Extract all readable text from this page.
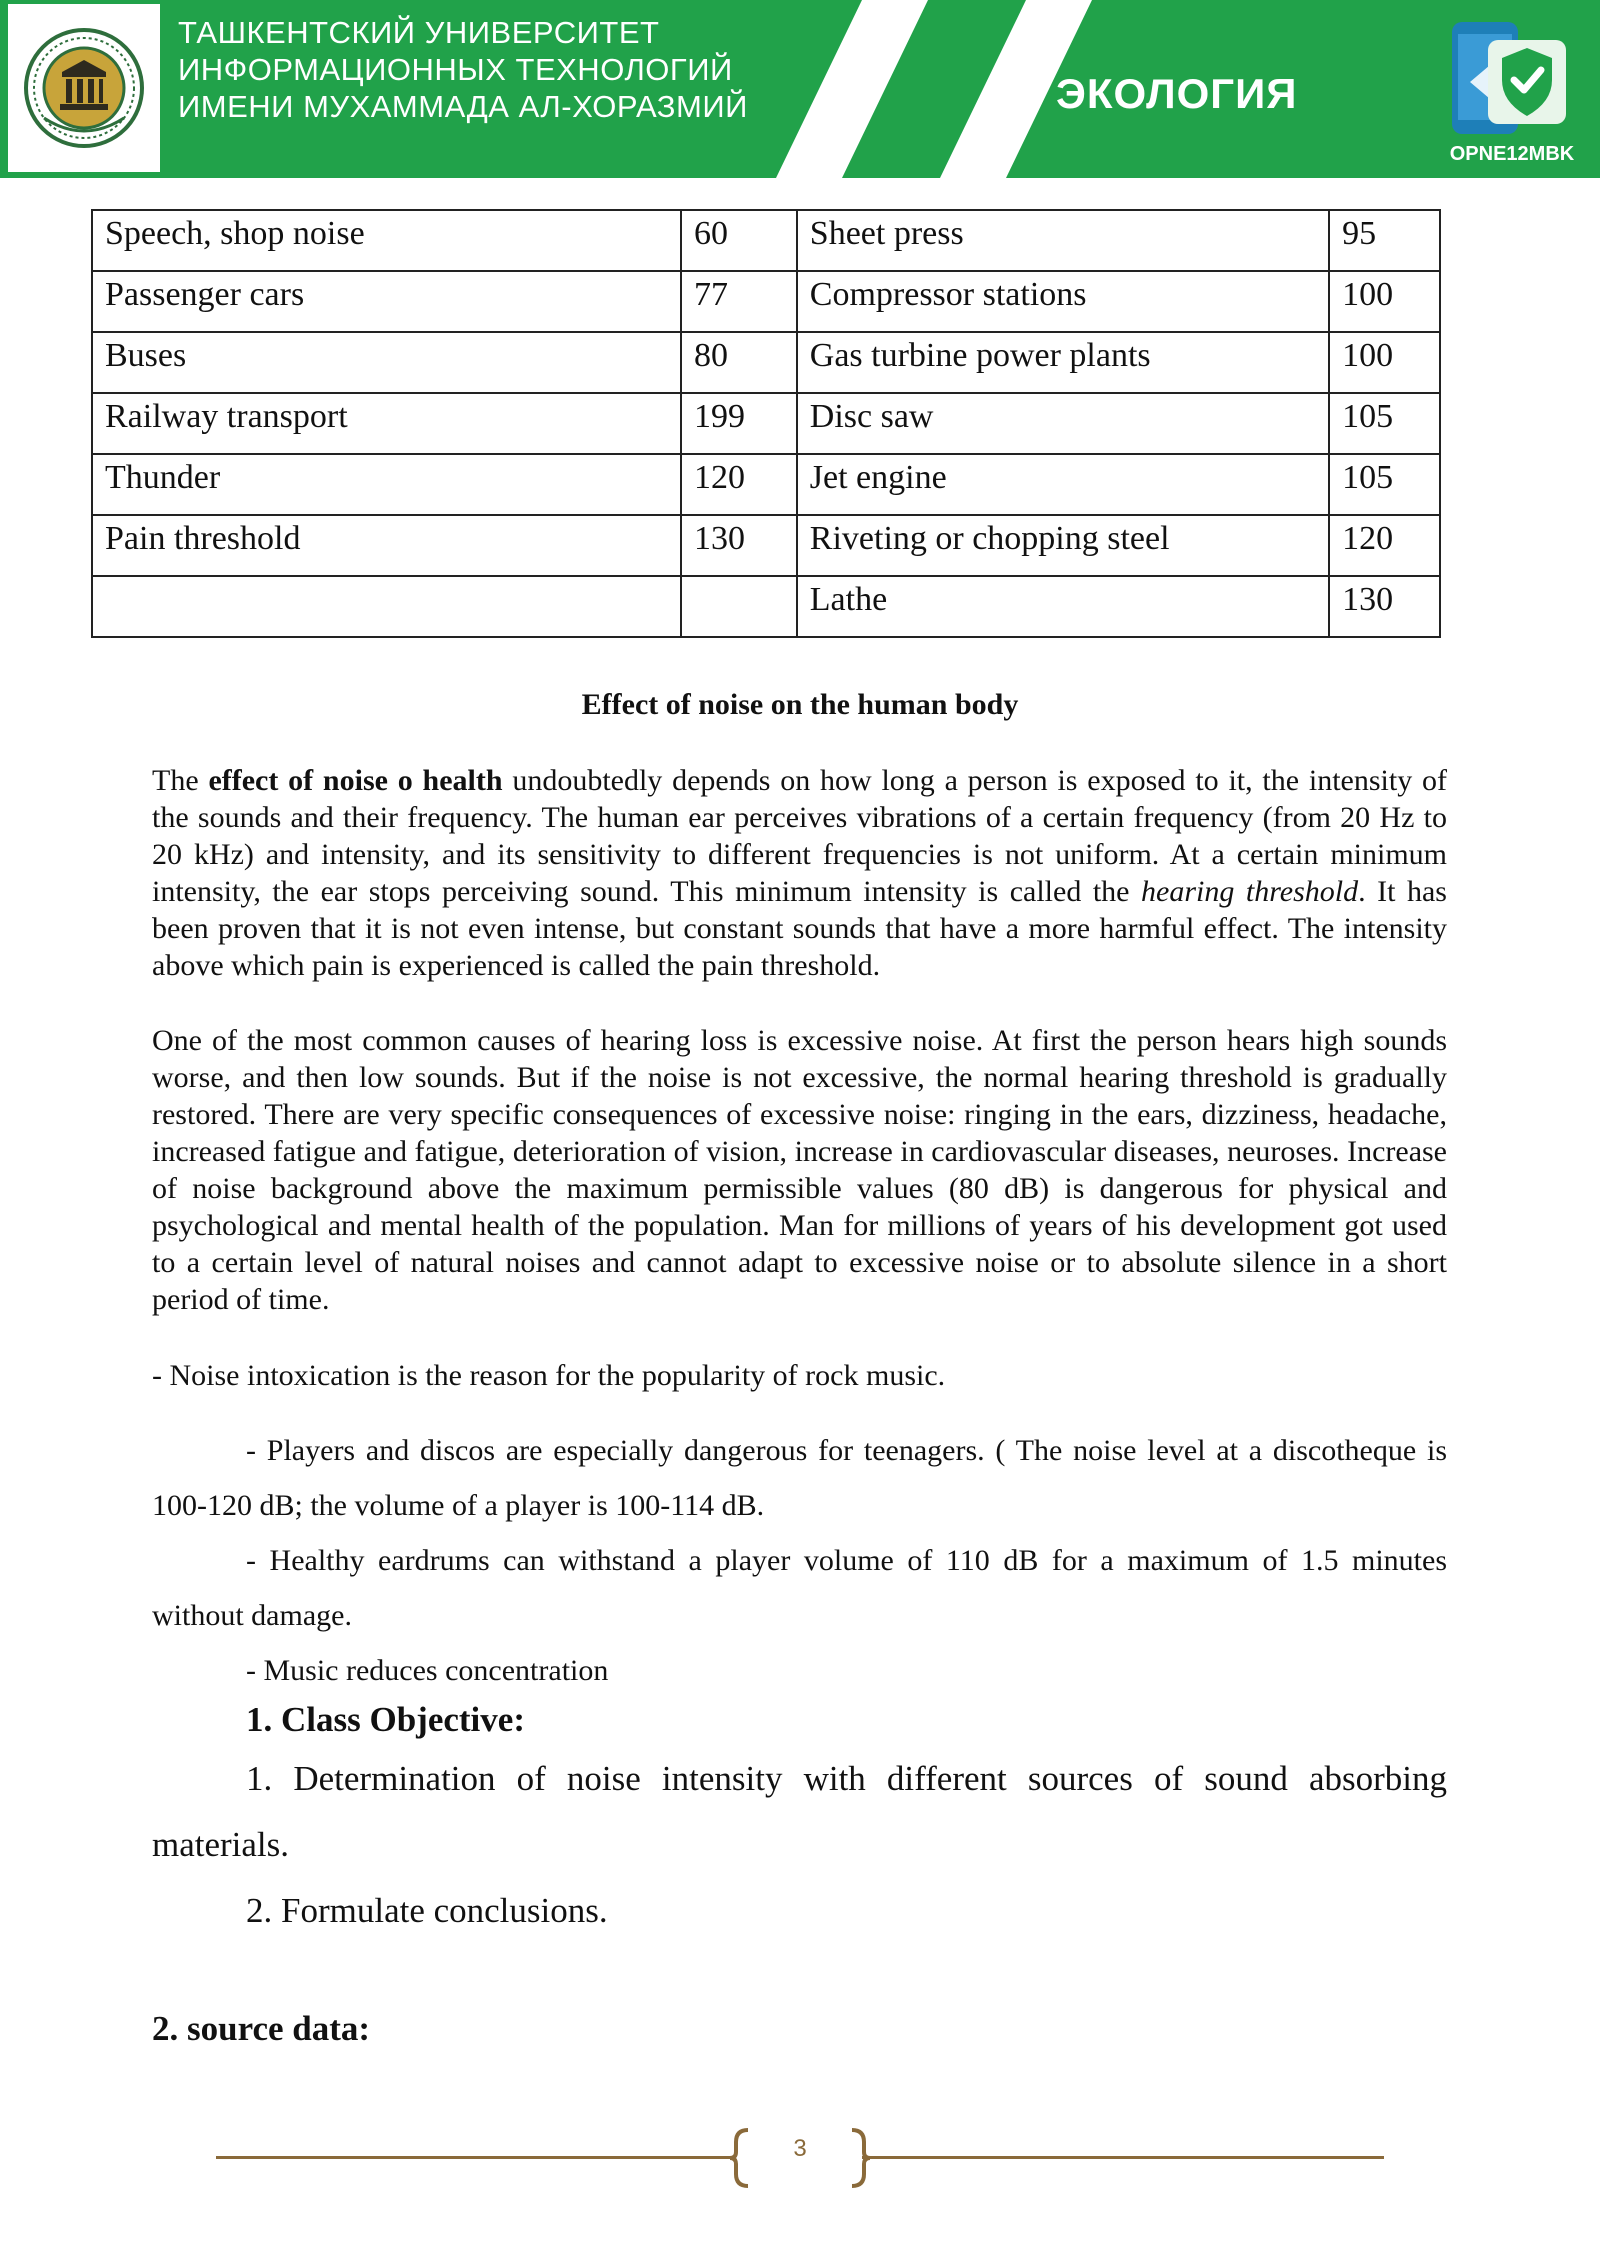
ТАШКЕНТСКИЙ УНИВЕРСИТЕТ
ИНФОРМАЦИОННЫХ ТЕХНОЛОГИЙ
ИМЕНИ МУХАММАДА АЛ-ХОРАЗМИЙ	ЭКОЛОГИЯ
OPNE12MBK
Speech, shop noise	60	Sheet press	95
Passenger cars	77	Compressor stations	100
Buses	80	Gas turbine power plants	100
Railway transport	199	Disc saw	105
Thunder	120	Jet engine	105
Pain threshold	130	Riveting or chopping steel	120
		Lathe	130
Effect of noise on the human body
The effect of noise o health undoubtedly depends on how long a person is exposed to it, the intensity of the sounds and their frequency. The human ear perceives vibrations of a certain frequency (from 20 Hz to 20 kHz) and intensity, and its sensitivity to different frequencies is not uniform. At a certain minimum intensity, the ear stops perceiving sound. This minimum intensity is called the hearing threshold. It has been proven that it is not even intense, but constant sounds that have a more harmful effect. The intensity above which pain is experienced is called the pain threshold.
One of the most common causes of hearing loss is excessive noise. At first the person hears high sounds worse, and then low sounds. But if the noise is not excessive, the normal hearing threshold is gradually restored. There are very specific consequences of excessive noise: ringing in the ears, dizziness, headache, increased fatigue and fatigue, deterioration of vision, increase in cardiovascular diseases, neuroses. Increase of noise background above the maximum permissible values (80 dB) is dangerous for physical and psychological and mental health of the population. Man for millions of years of his development got used to a certain level of natural noises and cannot adapt to excessive noise or to absolute silence in a short period of time.
- Noise intoxication is the reason for the popularity of rock music.
- Players and discos are especially dangerous for teenagers. ( The noise level at a discotheque is 100-120 dB; the volume of a player is 100-114 dB.
- Healthy eardrums can withstand a player volume of 110 dB for a maximum of 1.5 minutes without damage.
- Music reduces concentration
1. Class Objective:
1. Determination of noise intensity with different sources of sound absorbing materials.
2. Formulate conclusions.
2. source data:
3
